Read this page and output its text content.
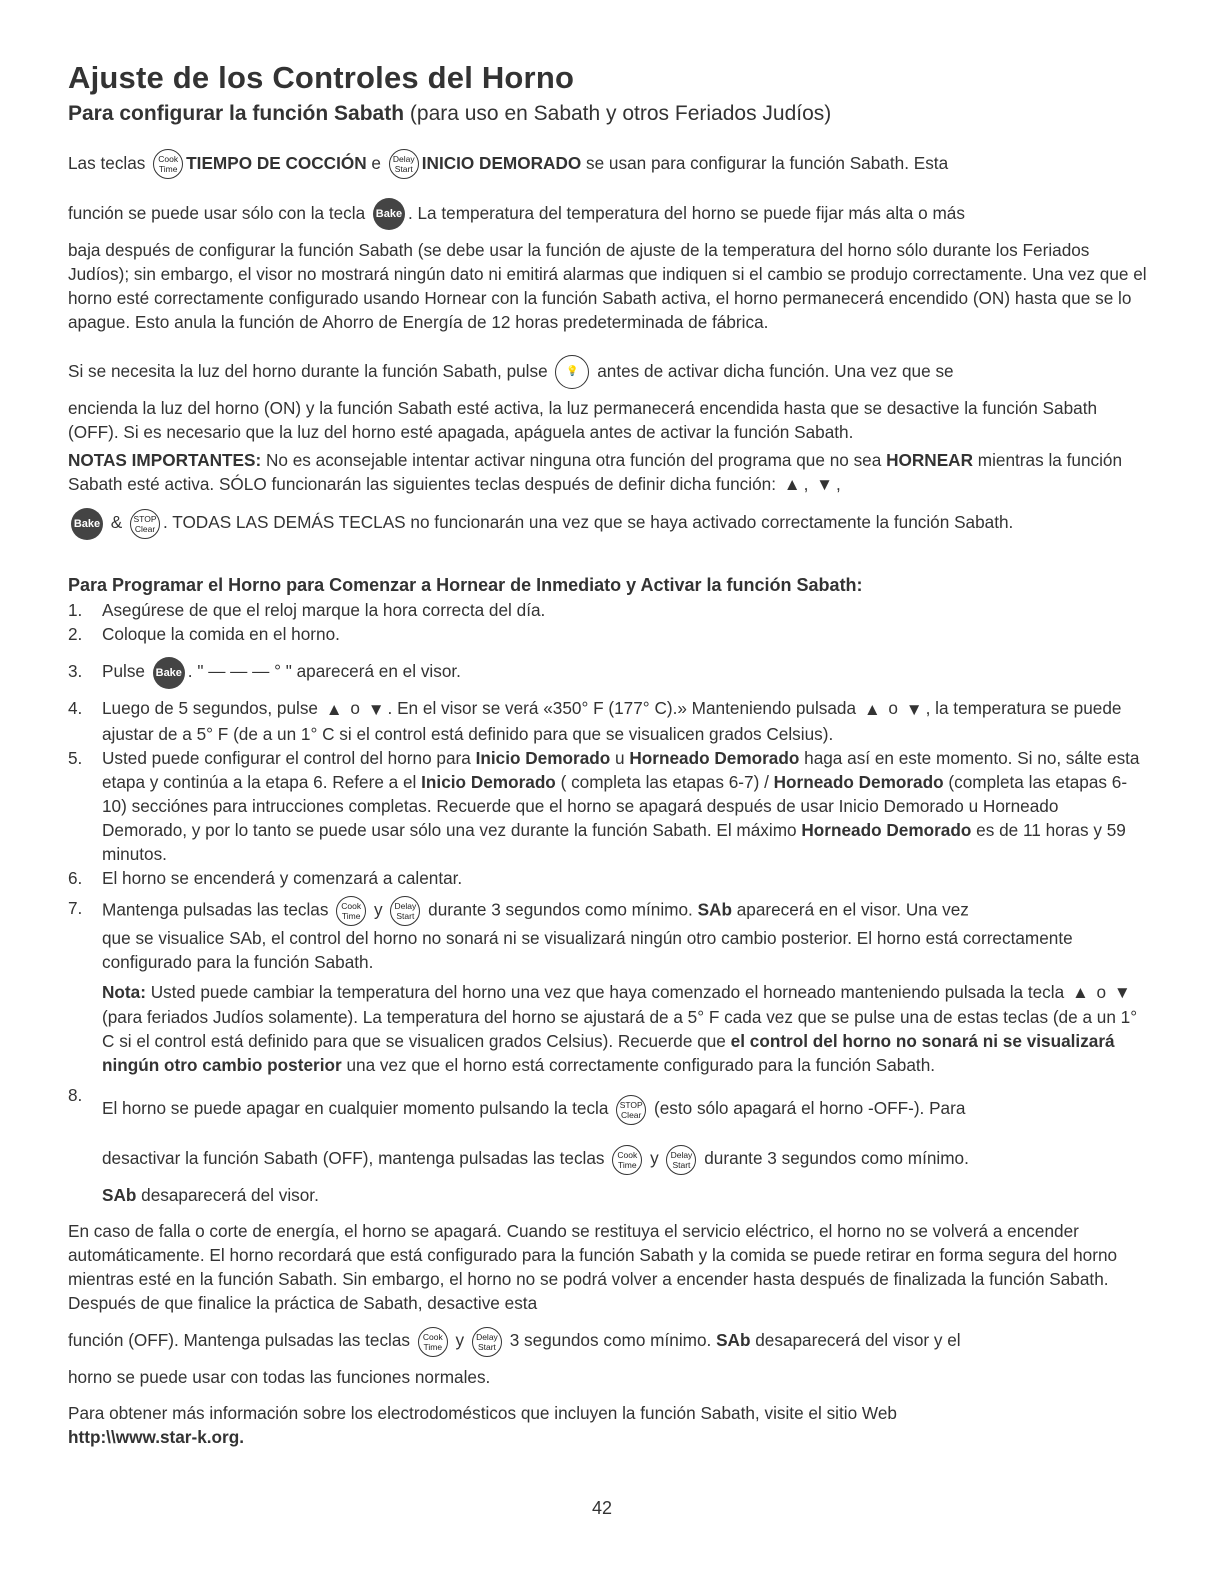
Ajuste de los Controles del Horno
Para configurar la función Sabath (para uso en Sabath y otros Feriados Judíos)

Las teclas Cook
Time TIEMPO DE COCCIÓN e Delay
Start INICIO DEMORADO se usan para configurar la función Sabath. Esta

función se puede usar sólo con la tecla Bake . La temperatura del temperatura del horno se puede fijar más alta o más

baja después de configurar la función Sabath (se debe usar la función de ajuste de la temperatura del horno sólo durante los Feriados Judíos); sin embargo, el visor no mostrará ningún dato ni emitirá alarmas que indiquen si el cambio se produjo correctamente. Una vez que el horno esté correctamente configurado usando Hornear con la función Sabath activa, el horno permanecerá encendido (ON) hasta que se lo apague. Esto anula la función de Ahorro de Energía de 12 horas predeterminada de fábrica.

Si se necesita la luz del horno durante la función Sabath, pulse 💡 antes de activar dicha función. Una vez que se

encienda la luz del horno (ON) y la función Sabath esté activa, la luz permanecerá encendida hasta que se desactive la función Sabath (OFF). Si es necesario que la luz del horno esté apagada, apáguela antes de activar la función Sabath.

NOTAS IMPORTANTES: No es aconsejable intentar activar ninguna otra función del programa que no sea HORNEAR mientras la función Sabath esté activa. SÓLO funcionarán las siguientes teclas después de definir dicha función: ▲ , ▼ ,

Bake & STOP
Clear . TODAS LAS DEMÁS TECLAS no funcionarán una vez que se haya activado correctamente la función Sabath.

Para Programar el Horno para Comenzar a Hornear de Inmediato y Activar la función Sabath:
1.	Asegúrese de que el reloj marque la hora correcta del día.
2.	Coloque la comida en el horno.
3.	Pulse Bake . " — — — ° " aparecerá en el visor.
4.	Luego de 5 segundos, pulse ▲ o ▼ . En el visor se verá «350° F (177° C).» Manteniendo pulsada ▲ o ▼ , la temperatura se puede ajustar de a 5° F (de a un 1° C si el control está definido para que se visualicen grados Celsius).
5.	Usted puede configurar el control del horno para Inicio Demorado u Horneado Demorado haga así en este momento. Si no, sálte esta etapa y continúa a la etapa 6. Refere a el Inicio Demorado ( completa las etapas 6-7) / Horneado Demorado (completa las etapas 6-10) secciónes para intrucciones completas. Recuerde que el horno se apagará después de usar Inicio Demorado u Horneado Demorado, y por lo tanto se puede usar sólo una vez durante la función Sabath. El máximo Horneado Demorado es de 11 horas y 59 minutos.
6.	El horno se encenderá y comenzará a calentar.
7.	Mantenga pulsadas las teclas Cook
Time y Delay
Start durante 3 segundos como mínimo. SAb aparecerá en el visor. Una vez
que se visualice SAb, el control del horno no sonará ni se visualizará ningún otro cambio posterior. El horno está correctamente configurado para la función Sabath.
Nota: Usted puede cambiar la temperatura del horno una vez que haya comenzado el horneado manteniendo pulsada la tecla ▲ o ▼ (para feriados Judíos solamente). La temperatura del horno se ajustará de a 5° F cada vez que se pulse una de estas teclas (de a un 1° C si el control está definido para que se visualicen grados Celsius). Recuerde que el control del horno no sonará ni se visualizará ningún otro cambio posterior una vez que el horno está correctamente configurado para la función Sabath.
8.
El horno se puede apagar en cualquier momento pulsando la tecla STOP
Clear (esto sólo apagará el horno -OFF-). Para
desactivar la función Sabath (OFF), mantenga pulsadas las teclas Cook
Time y Delay
Start durante 3 segundos como mínimo.
SAb desaparecerá del visor.

En caso de falla o corte de energía, el horno se apagará. Cuando se restituya el servicio eléctrico, el horno no se volverá a encender automáticamente. El horno recordará que está configurado para la función Sabath y la comida se puede retirar en forma segura del horno mientras esté en la función Sabath. Sin embargo, el horno no se podrá volver a encender hasta después de finalizada la función Sabath. Después de que finalice la práctica de Sabath, desactive esta

función (OFF). Mantenga pulsadas las teclas Cook
Time y Delay
Start 3 segundos como mínimo. SAb desaparecerá del visor y el

horno se puede usar con todas las funciones normales.

Para obtener más información sobre los electrodomésticos que incluyen la función Sabath, visite el sitio Web

http:\\www.star-k.org.

42
